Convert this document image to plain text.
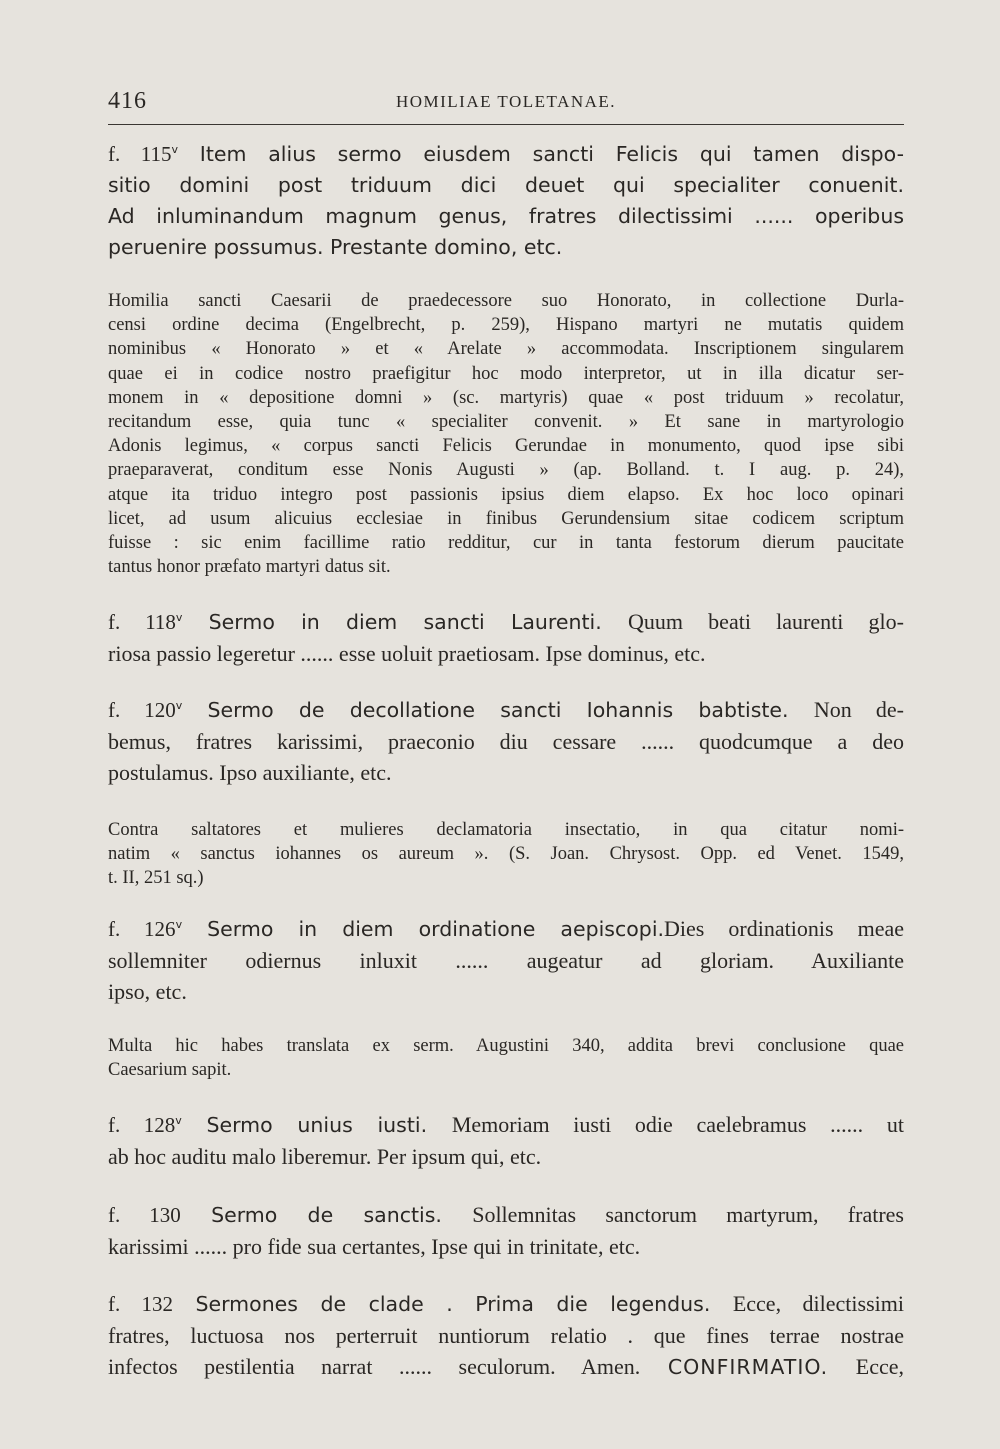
416	HOMILIAE TOLETANAE.
f. 115$^v$ Item alius sermo eiusdem sancti Felicis qui tamen dispo-
sitio domini post triduum dici deuet qui specialiter conuenit.
Ad inluminandum magnum genus, fratres dilectissimi ...... operibus
peruenire possumus. Prestante domino, etc.
Homilia sancti Caesarii de praedecessore suo Honorato, in collectione Durla-
censi ordine decima (Engelbrecht, p. 259), Hispano martyri ne mutatis quidem
nominibus « Honorato » et « Arelate » accommodata. Inscriptionem singularem
quae ei in codice nostro praefigitur hoc modo interpretor, ut in illa dicatur ser-
monem in « depositione domni » (sc. martyris) quae « post triduum » recolatur,
recitandum esse, quia tunc « specialiter convenit. » Et sane in martyrologio
Adonis legimus, « corpus sancti Felicis Gerundae in monumento, quod ipse sibi
praeparaverat, conditum esse Nonis Augusti » (ap. Bolland. t. I aug. p. 24),
atque ita triduo integro post passionis ipsius diem elapso. Ex hoc loco opinari
licet, ad usum alicuius ecclesiae in finibus Gerundensium sitae codicem scriptum
fuisse : sic enim facillime ratio redditur, cur in tanta festorum dierum paucitate
tantus honor præfato martyri datus sit.
f. 118$^v$ Sermo in diem sancti Laurenti. Quum beati laurenti glo-
riosa passio legeretur ...... esse uoluit praetiosam. Ipse dominus, etc.
f. 120$^v$ Sermo de decollatione sancti Iohannis babtiste. Non de-
bemus, fratres karissimi, praeconio diu cessare ...... quodcumque a deo
postulamus. Ipso auxiliante, etc.
Contra saltatores et mulieres declamatoria insectatio, in qua citatur nomi-
natim « sanctus iohannes os aureum ». (S. Joan. Chrysost. Opp. ed Venet. 1549,
t. II, 251 sq.)
f. 126$^v$ Sermo in diem ordinatione aepiscopi.Dies ordinationis meae
sollemniter odiernus inluxit ...... augeatur ad gloriam. Auxiliante
ipso, etc.
Multa hic habes translata ex serm. Augustini 340, addita brevi conclusione quae
Caesarium sapit.
f. 128$^v$ Sermo unius iusti. Memoriam iusti odie caelebramus ...... ut
ab hoc auditu malo liberemur. Per ipsum qui, etc.
f. 130 Sermo de sanctis. Sollemnitas sanctorum martyrum, fratres
karissimi ...... pro fide sua certantes, Ipse qui in trinitate, etc.
f. 132 Sermones de clade . Prima die legendus. Ecce, dilectissimi
fratres, luctuosa nos perterruit nuntiorum relatio . que fines terrae nostrae
infectos pestilentia narrat ...... seculorum. Amen. CONFIRMATIO. Ecce,
